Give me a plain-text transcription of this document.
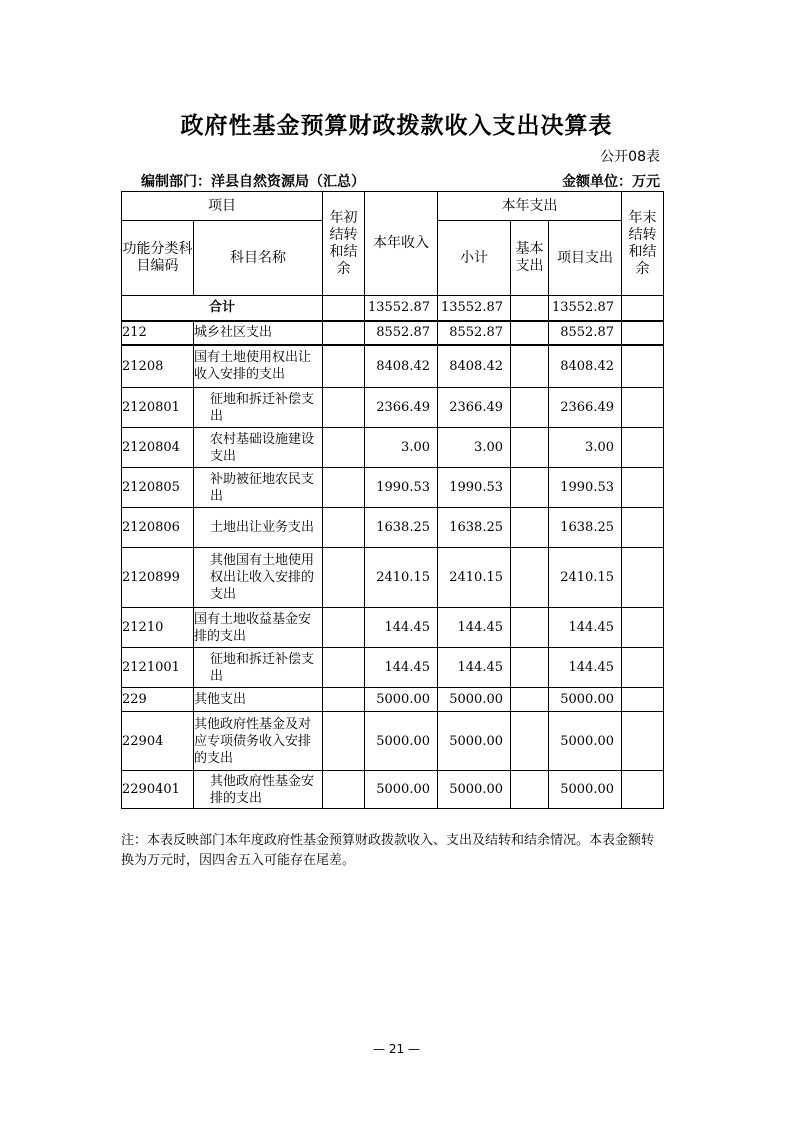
政府性基金预算财政拨款收入支出决算表
公开08表
编制部门：洋县自然资源局（汇总）	金额单位：万元
项目		年初结转和结余	本年收入	本年支出			年末结转和结余
功能分类科目编码	科目名称			小计	基本支出	项目支出	
合计			13552.87	13552.87		13552.87	
212	城乡社区支出		8552.87	8552.87		8552.87	
21208	国有土地使用权出让收入安排的支出		8408.42	8408.42		8408.42	
2120801	征地和拆迁补偿支出		2366.49	2366.49		2366.49	
2120804	农村基础设施建设支出		3.00	3.00		3.00	
2120805	补助被征地农民支出		1990.53	1990.53		1990.53	
2120806	土地出让业务支出		1638.25	1638.25		1638.25	
2120899	其他国有土地使用权出让收入安排的支出		2410.15	2410.15		2410.15	
21210	国有土地收益基金安排的支出		144.45	144.45		144.45	
2121001	征地和拆迁补偿支出		144.45	144.45		144.45	
229	其他支出		5000.00	5000.00		5000.00	
22904	其他政府性基金及对应专项债务收入安排的支出		5000.00	5000.00		5000.00	
2290401	其他政府性基金安排的支出		5000.00	5000.00		5000.00	
注：本表反映部门本年度政府性基金预算财政拨款收入、支出及结转和结余情况。本表金额转换为万元时，因四舍五入可能存在尾差。
— 21 —
